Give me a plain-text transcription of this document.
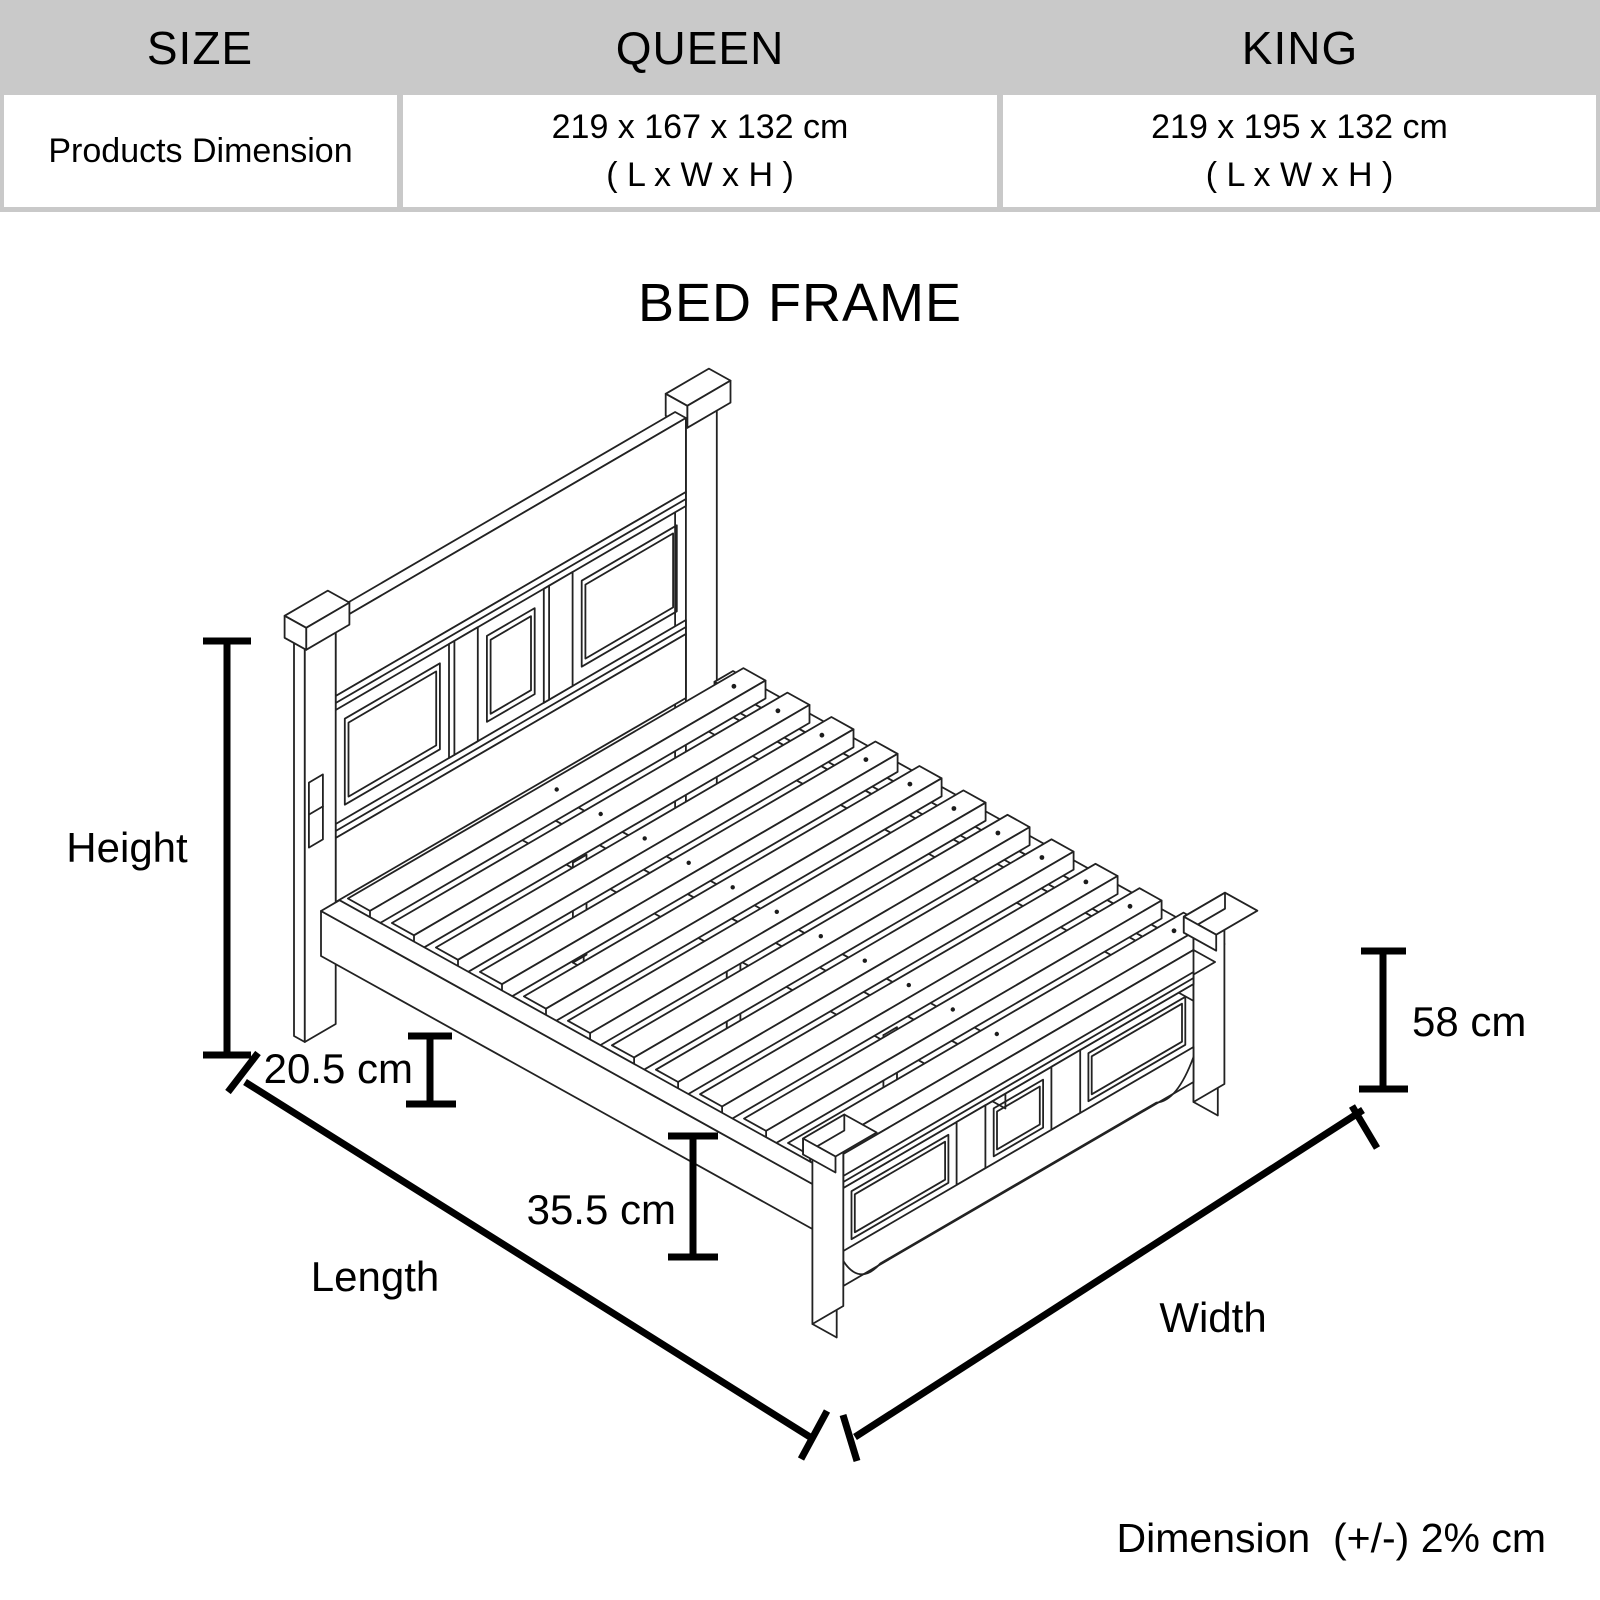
SIZE	QUEEN	KING
Products Dimension
219 x 167 x 132 cm
( L x W x H )
219 x 195 x 132 cm
( L x W x H )
BED FRAME
Height
20.5 cm
35.5 cm
58 cm
Length
Width
Dimension  (+/-) 2% cm
